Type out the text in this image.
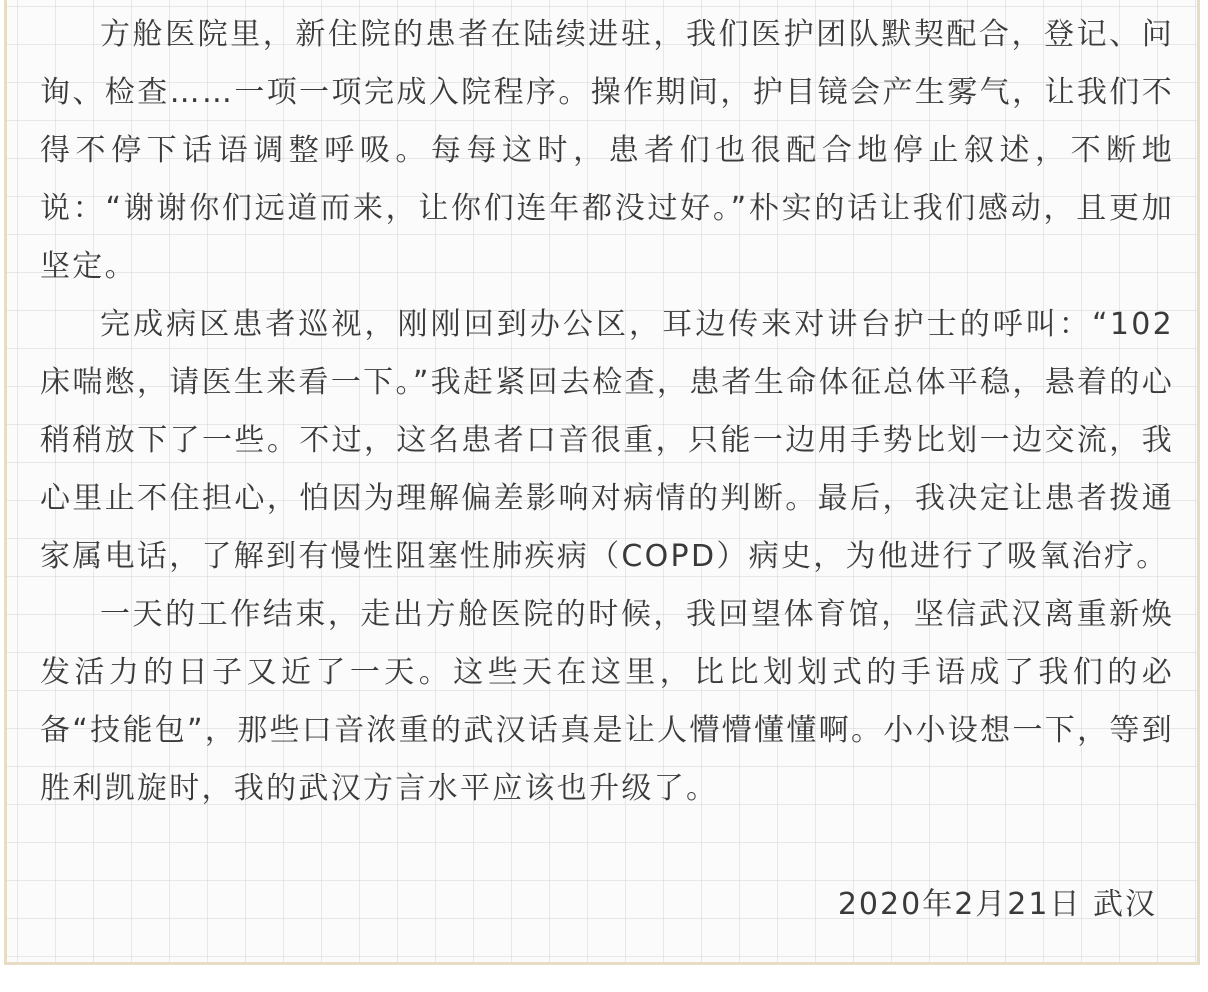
方舱医院里，新住院的患者在陆续进驻，我们医护团队默契配合，登记、问询、检查……一项一项完成入院程序。操作期间，护目镜会产生雾气，让我们不得不停下话语调整呼吸。每每这时，患者们也很配合地停止叙述，不断地说：“谢谢你们远道而来，让你们连年都没过好。”朴实的话让我们感动，且更加坚定。

完成病区患者巡视，刚刚回到办公区，耳边传来对讲台护士的呼叫：“102床喘憋，请医生来看一下。”我赶紧回去检查，患者生命体征总体平稳，悬着的心稍稍放下了一些。不过，这名患者口音很重，只能一边用手势比划一边交流，我心里止不住担心，怕因为理解偏差影响对病情的判断。最后，我决定让患者拨通家属电话，了解到有慢性阻塞性肺疾病（COPD）病史，为他进行了吸氧治疗。

一天的工作结束，走出方舱医院的时候，我回望体育馆，坚信武汉离重新焕发活力的日子又近了一天。这些天在这里，比比划划式的手语成了我们的必备“技能包”，那些口音浓重的武汉话真是让人懵懵懂懂啊。小小设想一下，等到胜利凯旋时，我的武汉方言水平应该也升级了。

2020年2月21日 武汉
